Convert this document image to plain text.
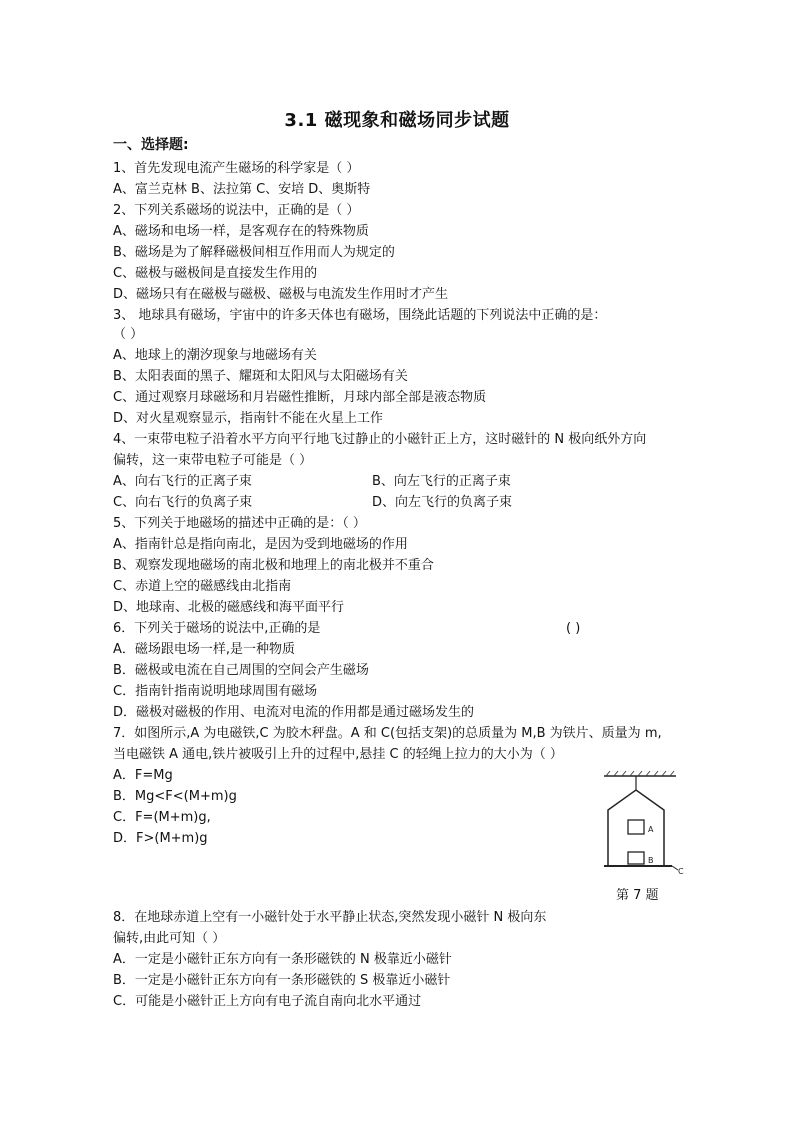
3.1 磁现象和磁场同步试题
一、选择题:
1、首先发现电流产生磁场的科学家是（ ）
A、富兰克林 B、法拉第 C、安培 D、奥斯特
2、下列关系磁场的说法中，正确的是（ ）
A、磁场和电场一样，是客观存在的特殊物质
B、磁场是为了解释磁极间相互作用而人为规定的
C、磁极与磁极间是直接发生作用的
D、磁场只有在磁极与磁极、磁极与电流发生作用时才产生
3、 地球具有磁场，宇宙中的许多天体也有磁场，围绕此话题的下列说法中正确的是：
（ ）
A、地球上的潮汐现象与地磁场有关
B、太阳表面的黑子、耀斑和太阳风与太阳磁场有关
C、通过观察月球磁场和月岩磁性推断，月球内部全部是液态物质
D、对火星观察显示，指南针不能在火星上工作
4、一束带电粒子沿着水平方向平行地飞过静止的小磁针正上方，这时磁针的 N 极向纸外方向
偏转，这一束带电粒子可能是（ ）
A、向右飞行的正离子束	B、向左飞行的正离子束
C、向右飞行的负离子束	D、向左飞行的负离子束
5、下列关于地磁场的描述中正确的是：（ ）
A、指南针总是指向南北，是因为受到地磁场的作用
B、观察发现地磁场的南北极和地理上的南北极并不重合
C、赤道上空的磁感线由北指南
D、地球南、北极的磁感线和海平面平行
6．下列关于磁场的说法中,正确的是	( )
A．磁场跟电场一样,是一种物质
B．磁极或电流在自己周围的空间会产生磁场
C．指南针指南说明地球周围有磁场
D．磁极对磁极的作用、电流对电流的作用都是通过磁场发生的
7．如图所示,A 为电磁铁,C 为胶木秤盘。A 和 C(包括支架)的总质量为 M,B 为铁片、质量为 m,
当电磁铁 A 通电,铁片被吸引上升的过程中,悬挂 C 的轻绳上拉力的大小为（ ）
A．F=Mg
B．Mg<F<(M+m)g
C．F=(M+m)g,
D．F>(M+m)g
A
B
C
第 7 题
8．在地球赤道上空有一小磁针处于水平静止状态,突然发现小磁针 N 极向东
偏转,由此可知（ ）
A．一定是小磁针正东方向有一条形磁铁的 N 极靠近小磁针
B．一定是小磁针正东方向有一条形磁铁的 S 极靠近小磁针
C．可能是小磁针正上方向有电子流自南向北水平通过
